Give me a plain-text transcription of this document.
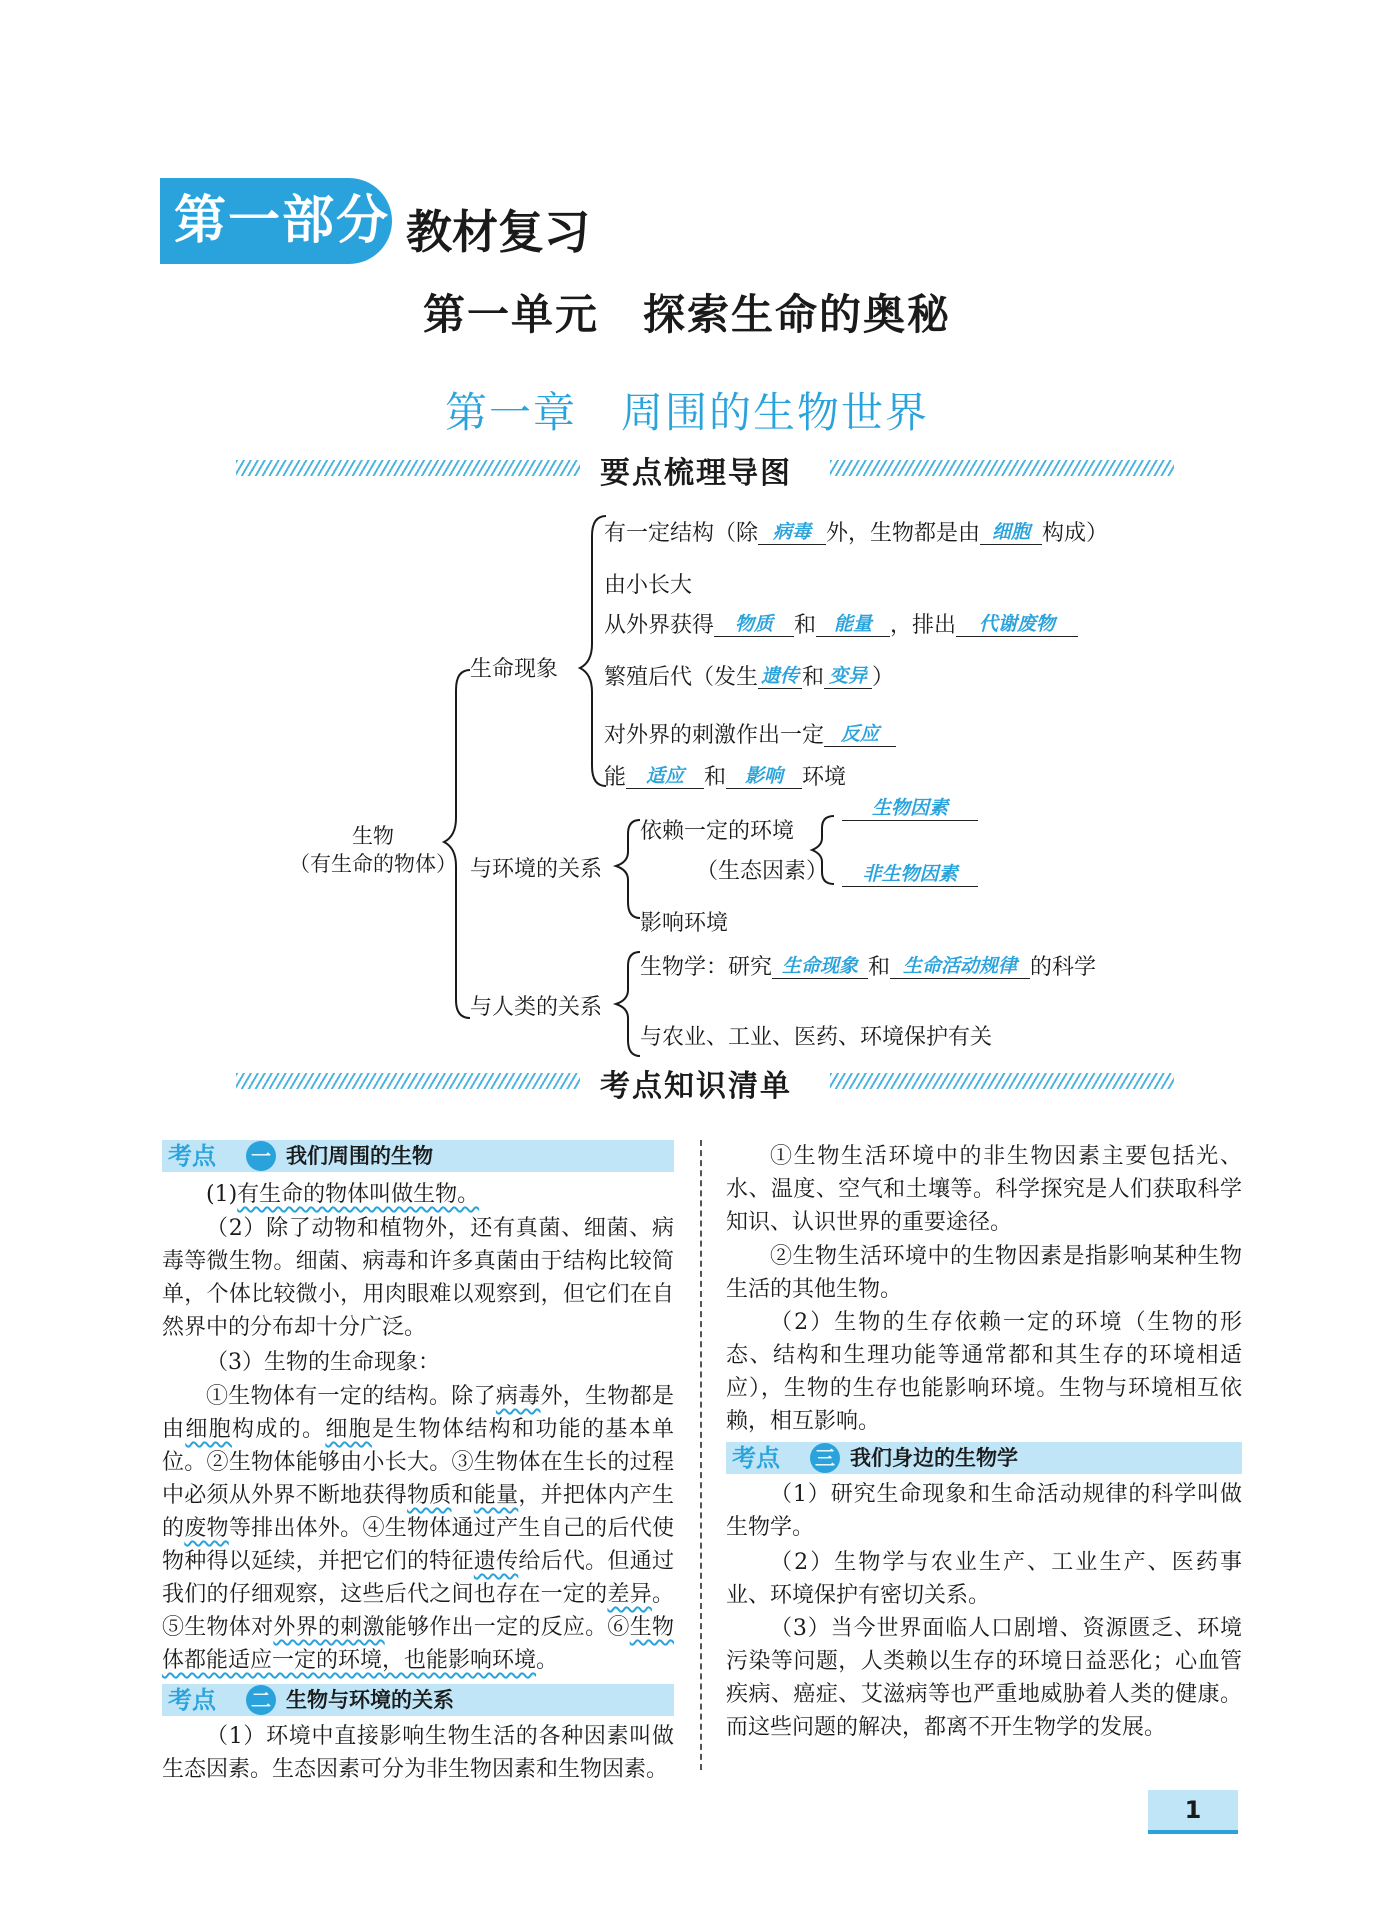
第一部分 教材复习
第一单元　探索生命的奥秘
第一章　周围的生物世界
要点梳理导图
生物
（有生命的物体）
生命现象
与环境的关系
与人类的关系
有一定结构（除 病毒 外，生物都是由 细胞 构成）
由小长大
从外界获得 物质 和 能量 ，排出 代谢废物
繁殖后代（发生 遗传 和 变异 ）
对外界的刺激作出一定 反应
能 适应 和 影响 环境
依赖一定的环境
（生态因素）
生物因素
非生物因素
影响环境
生物学：研究 生命现象 和 生命活动规律 的科学
与农业、工业、医药、环境保护有关
考点知识清单
考点 一 我们周围的生物
(1)有生命的物体叫做生物。
（2）除了动物和植物外，还有真菌、细菌、病毒等微生物。细菌、病毒和许多真菌由于结构比较简单，个体比较微小，用肉眼难以观察到，但它们在自然界中的分布却十分广泛。
（3）生物的生命现象：
①生物体有一定的结构。除了病毒外，生物都是由细胞构成的。细胞是生物体结构和功能的基本单位。②生物体能够由小长大。③生物体在生长的过程中必须从外界不断地获得物质和能量，并把体内产生的废物等排出体外。④生物体通过产生自己的后代使物种得以延续，并把它们的特征遗传给后代。但通过我们的仔细观察，这些后代之间也存在一定的差异。⑤生物体对外界的刺激能够作出一定的反应。⑥生物体都能适应一定的环境，也能影响环境。
考点 二 生物与环境的关系
（1）环境中直接影响生物生活的各种因素叫做生态因素。生态因素可分为非生物因素和生物因素。
①生物生活环境中的非生物因素主要包括光、水、温度、空气和土壤等。科学探究是人们获取科学知识、认识世界的重要途径。
②生物生活环境中的生物因素是指影响某种生物生活的其他生物。
（2）生物的生存依赖一定的环境（生物的形态、结构和生理功能等通常都和其生存的环境相适应），生物的生存也能影响环境。生物与环境相互依赖，相互影响。
考点 三 我们身边的生物学
（1）研究生命现象和生命活动规律的科学叫做生物学。
（2）生物学与农业生产、工业生产、医药事业、环境保护有密切关系。
（3）当今世界面临人口剧增、资源匮乏、环境污染等问题，人类赖以生存的环境日益恶化；心血管疾病、癌症、艾滋病等也严重地威胁着人类的健康。而这些问题的解决，都离不开生物学的发展。
1
